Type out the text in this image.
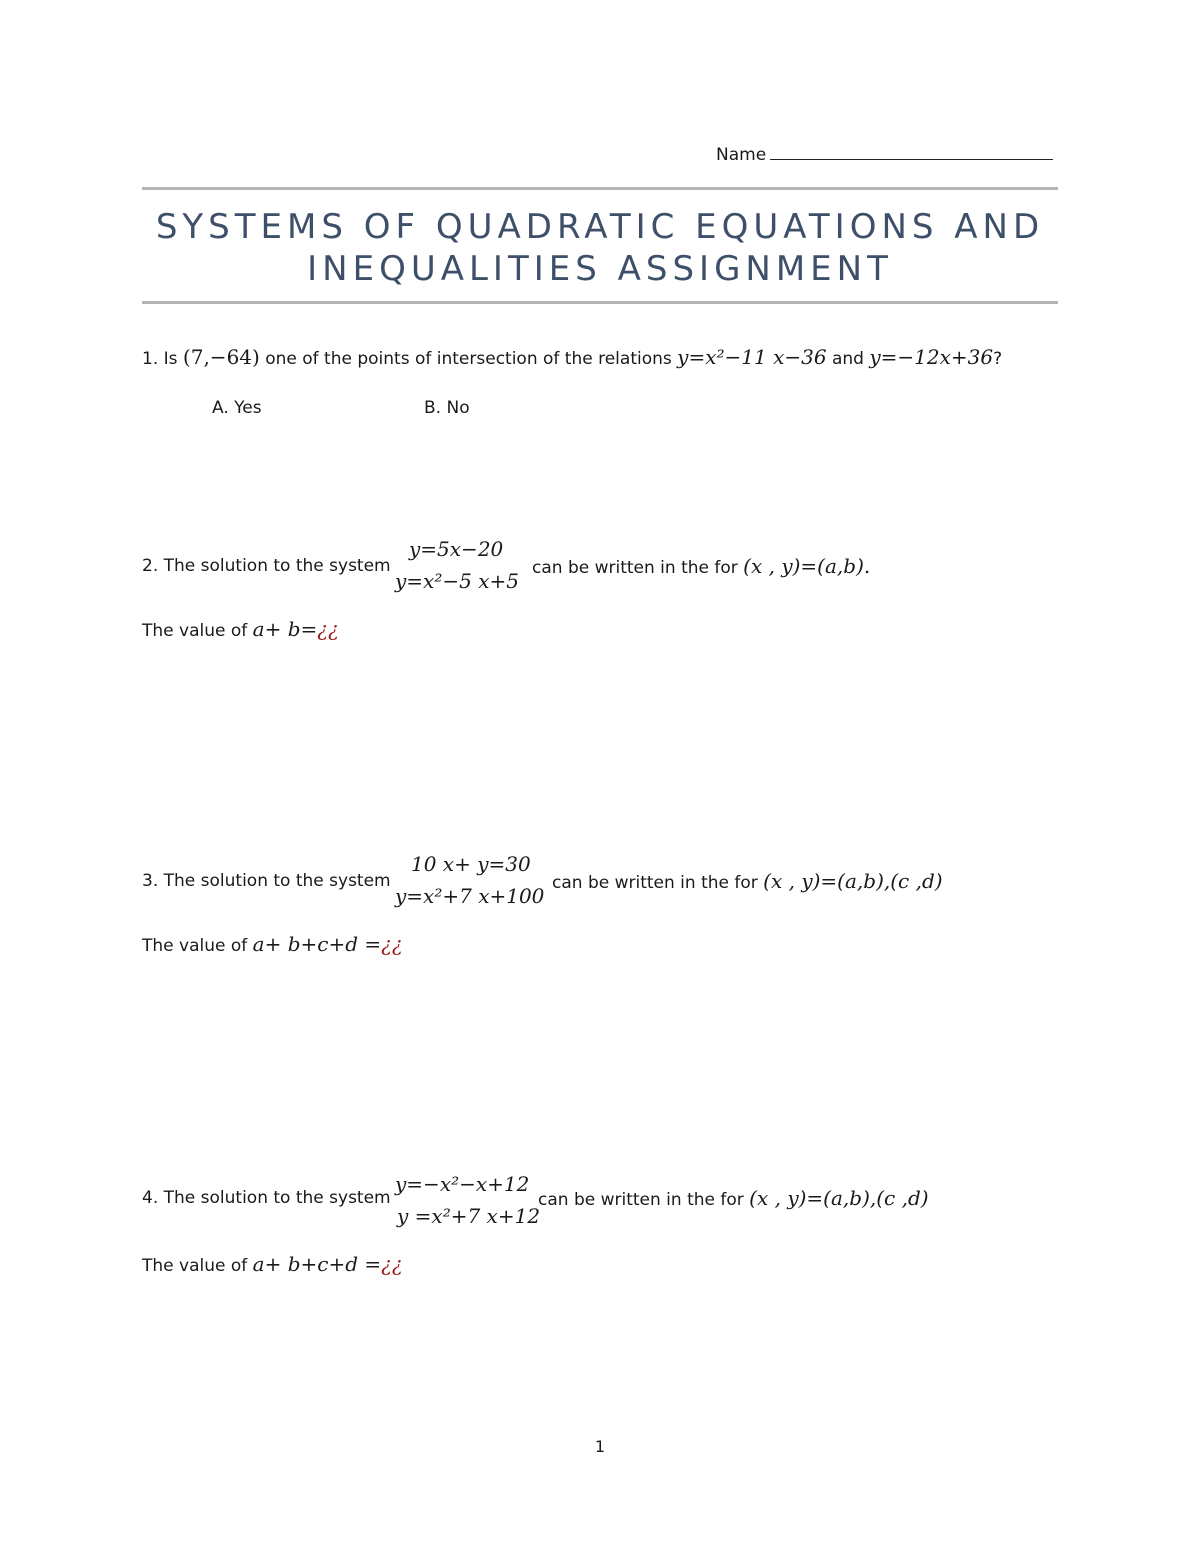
Name
SYSTEMS OF QUADRATIC EQUATIONS AND
INEQUALITIES ASSIGNMENT
1. Is (7,−64) one of the points of intersection of the relations y=x²−11 x−36 and y=−12x+36?
A. Yes	B. No
y=5x−20
y=x²−5 x+5
2. The solution to the system	can be written in the for (x , y)=(a,b).
The value of a+ b=¿¿
10 x+ y=30
y=x²+7 x+100
3. The solution to the system	can be written in the for (x , y)=(a,b),(c ,d)
The value of a+ b+c+d =¿¿
y=−x²−x+12
y =x²+7 x+12
4. The solution to the system	can be written in the for (x , y)=(a,b),(c ,d)
The value of a+ b+c+d =¿¿
1
